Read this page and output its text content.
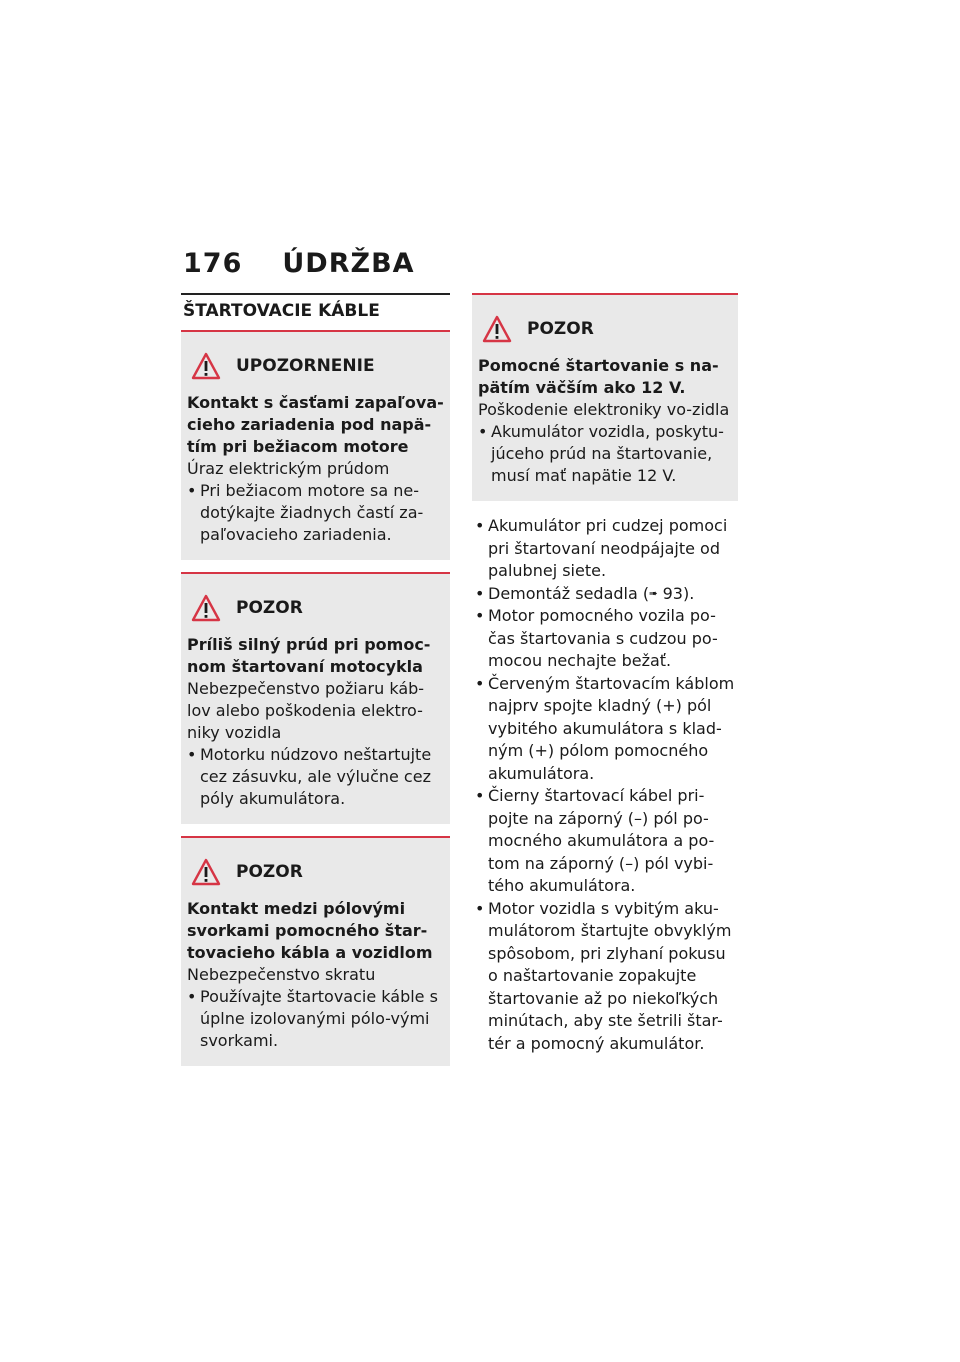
176 ÚDRŽBA
ŠTARTOVACIE KÁBLE
UPOZORNENIE
Kontakt s časťami zapaľova-cieho zariadenia pod napä-tím pri bežiacom motore
Úraz elektrickým prúdom
• Pri bežiacom motore sa ne-dotýkajte žiadnych častí za-paľovacieho zariadenia.
POZOR
Príliš silný prúd pri pomoc-nom štartovaní motocykla
Nebezpečenstvo požiaru káb-lov alebo poškodenia elektro-niky vozidla
• Motorku núdzovo neštartujte cez zásuvku, ale výlučne cez póly akumulátora.
POZOR
Kontakt medzi pólovými svorkami pomocného štar-tovacieho kábla a vozidlom
Nebezpečenstvo skratu
• Používajte štartovacie káble s úplne izolovanými pólo-vými svorkami.
POZOR
Pomocné štartovanie s na-pätím väčším ako 12 V.
Poškodenie elektroniky vo-zidla
• Akumulátor vozidla, poskytu-júceho prúd na štartovanie, musí mať napätie 12 V.
• Akumulátor pri cudzej pomoci pri štartovaní neodpájajte od palubnej siete.
• Demontáž sedadla (➠ 93).
• Motor pomocného vozila po-čas štartovania s cudzou po-mocou nechajte bežať.
• Červeným štartovacím káblom najprv spojte kladný (+) pól vybitého akumulátora s klad-ným (+) pólom pomocného akumulátora.
• Čierny štartovací kábel pri-pojte na záporný (–) pól po-mocného akumulátora a po-tom na záporný (–) pól vybi-tého akumulátora.
• Motor vozidla s vybitým aku-mulátorom štartujte obvyklým spôsobom, pri zlyhaní pokusu o naštartovanie zopakujte štartovanie až po niekoľkých minútach, aby ste šetrili štar-tér a pomocný akumulátor.
